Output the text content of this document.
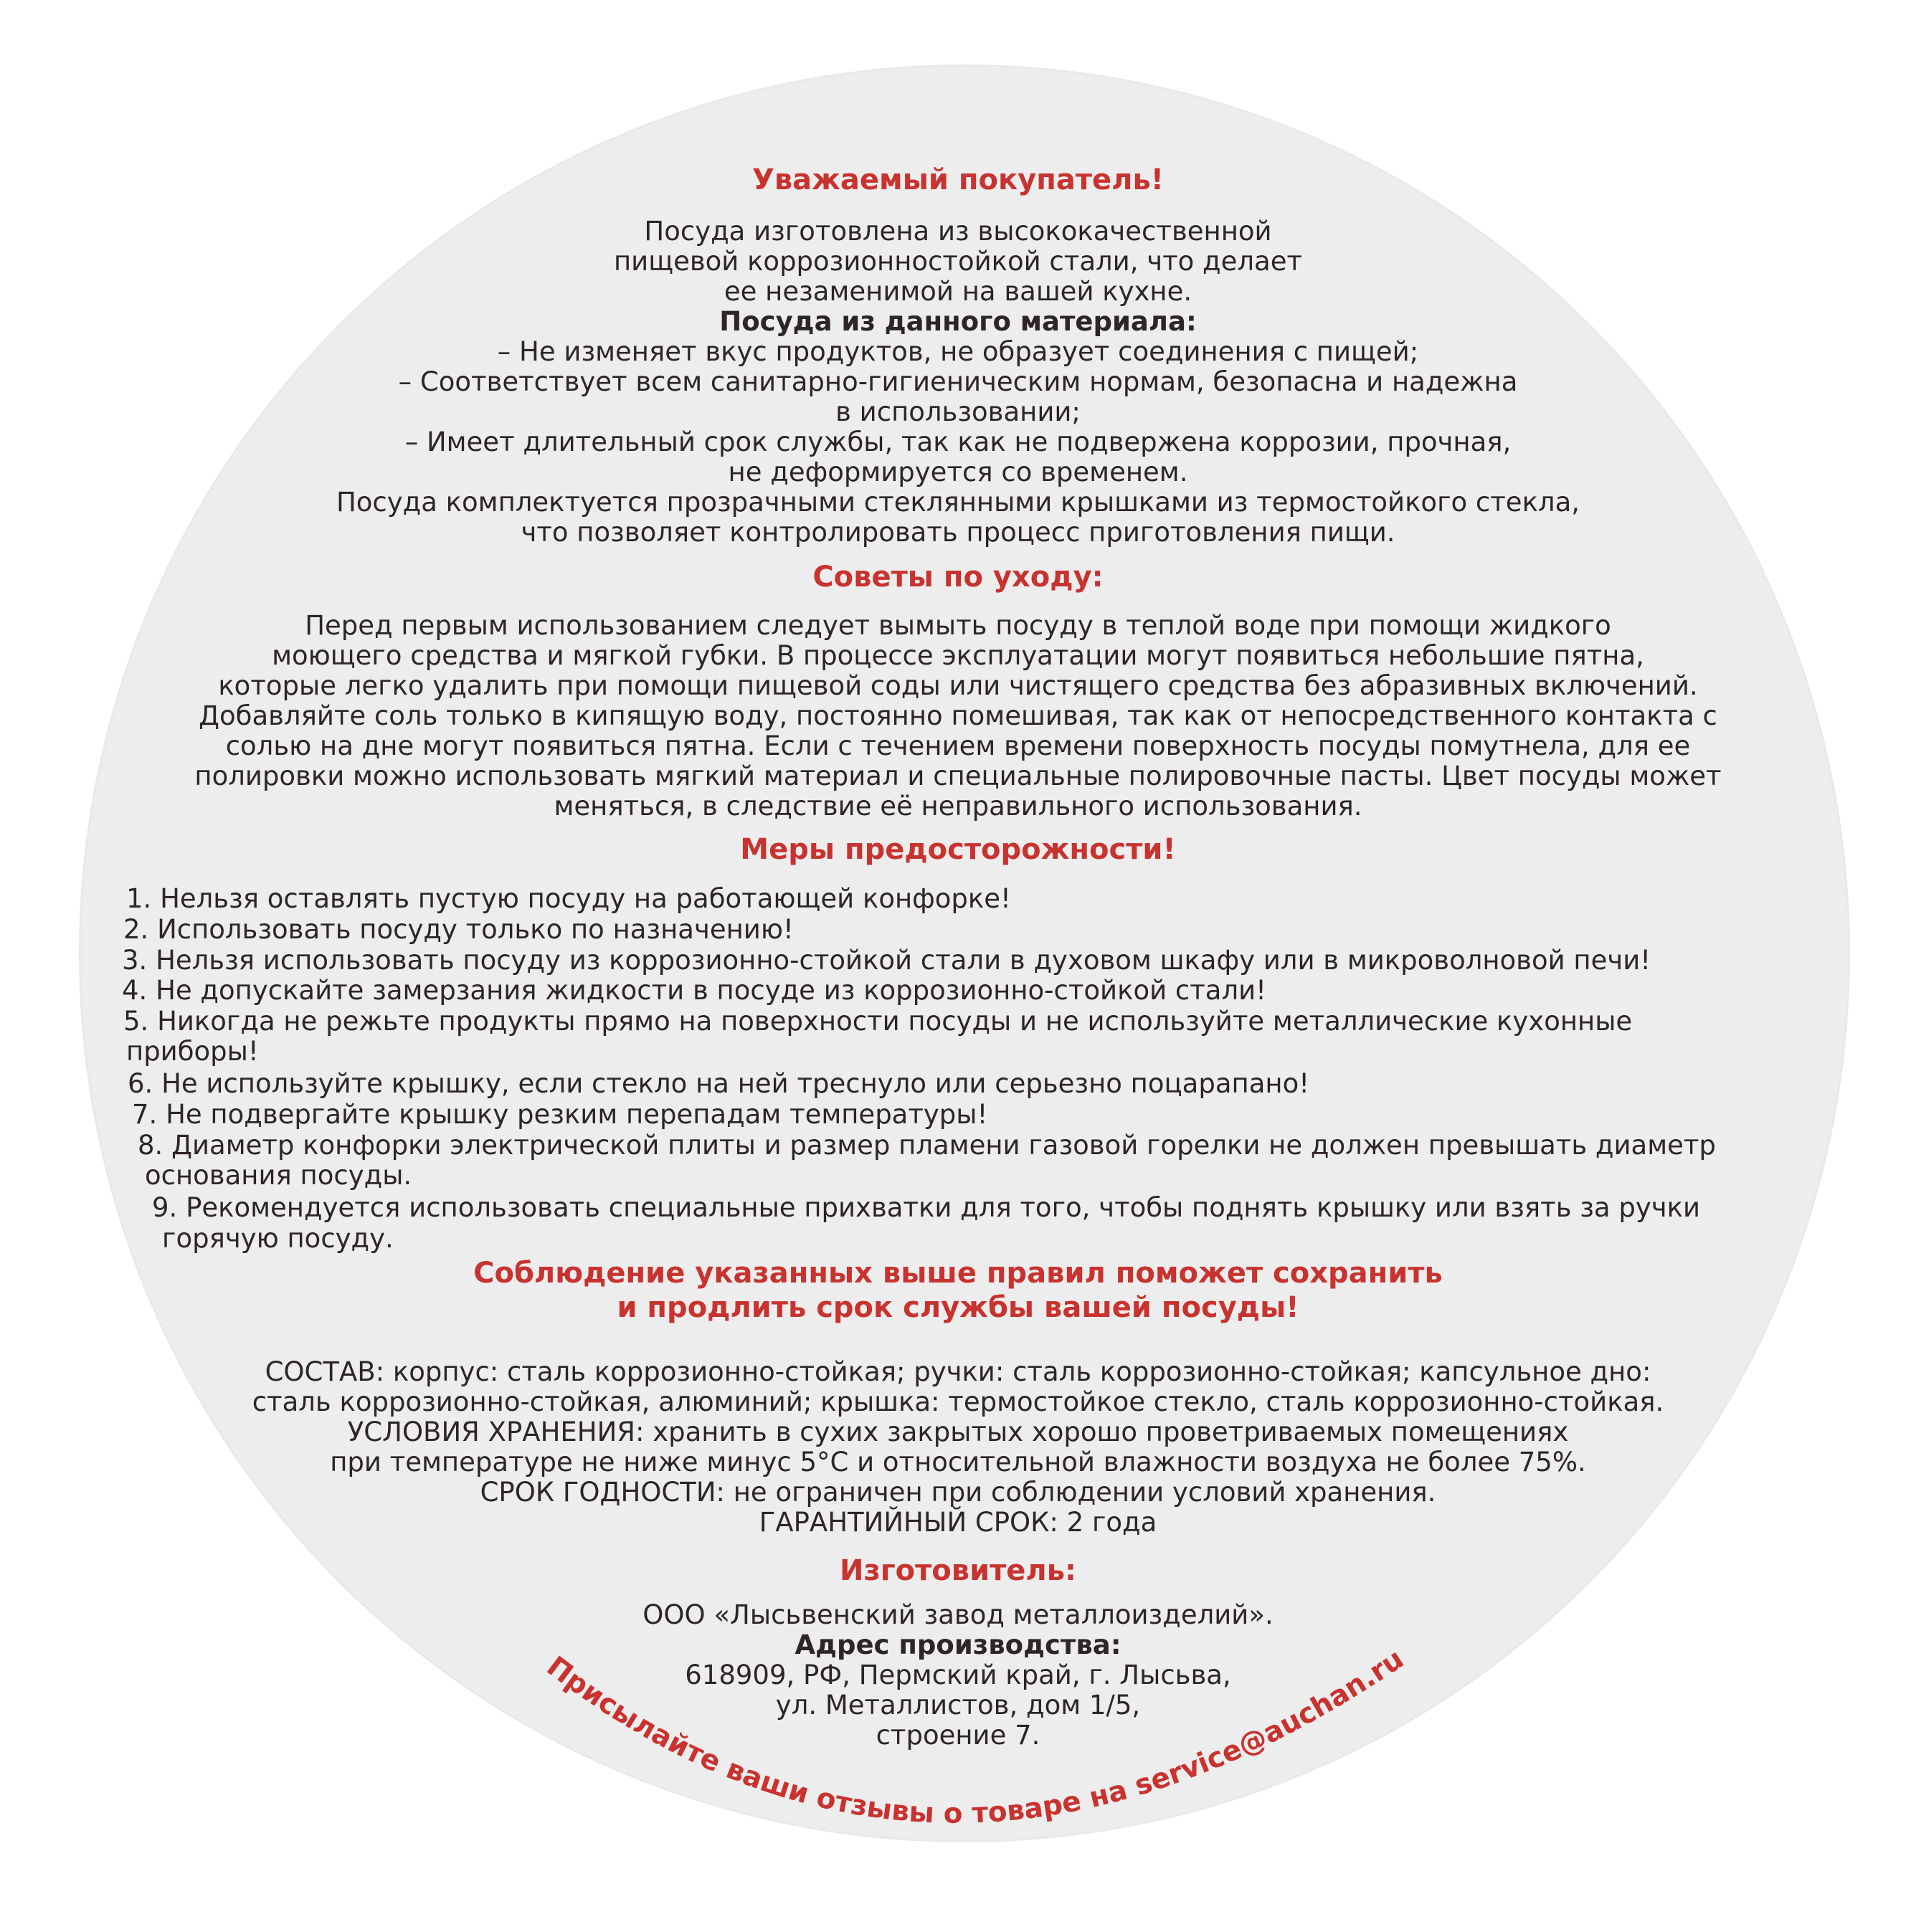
Уважаемый покупатель!
Посуда изготовлена из высококачественной
пищевой коррозионностойкой стали, что делает
ее незаменимой на вашей кухне.
Посуда из данного материала:
– Не изменяет вкус продуктов, не образует соединения с пищей;
– Соответствует всем санитарно-гигиеническим нормам, безопасна и надежна
в использовании;
– Имеет длительный срок службы, так как не подвержена коррозии, прочная,
не деформируется со временем.
Посуда комплектуется прозрачными стеклянными крышками из термостойкого стекла,
что позволяет контролировать процесс приготовления пищи.
Советы по уходу:
Перед первым использованием следует вымыть посуду в теплой воде при помощи жидкого
моющего средства и мягкой губки. В процессе эксплуатации могут появиться небольшие пятна,
которые легко удалить при помощи пищевой соды или чистящего средства без абразивных включений.
Добавляйте соль только в кипящую воду, постоянно помешивая, так как от непосредственного контакта с
солью на дне могут появиться пятна. Если с течением времени поверхность посуды помутнела, для ее
полировки можно использовать мягкий материал и специальные полировочные пасты. Цвет посуды может
меняться, в следствие её неправильного использования.
Меры предосторожности!
1. Нельзя оставлять пустую посуду на работающей конфорке!
2. Использовать посуду только по назначению!
3. Нельзя использовать посуду из коррозионно-стойкой стали в духовом шкафу или в микроволновой печи!
4. Не допускайте замерзания жидкости в посуде из коррозионно-стойкой стали!
5. Никогда не режьте продукты прямо на поверхности посуды и не используйте металлические кухонные
приборы!
6. Не используйте крышку, если стекло на ней треснуло или серьезно поцарапано!
7. Не подвергайте крышку резким перепадам температуры!
8. Диаметр конфорки электрической плиты и размер пламени газовой горелки не должен превышать диаметр
основания посуды.
9. Рекомендуется использовать специальные прихватки для того, чтобы поднять крышку или взять за ручки
горячую посуду.
Соблюдение указанных выше правил поможет сохранить
и продлить срок службы вашей посуды!
СОСТАВ: корпус: сталь коррозионно-стойкая; ручки: сталь коррозионно-стойкая; капсульное дно:
сталь коррозионно-стойкая, алюминий; крышка: термостойкое стекло, сталь коррозионно-стойкая.
УСЛОВИЯ ХРАНЕНИЯ: хранить в сухих закрытых хорошо проветриваемых помещениях
при температуре не ниже минус 5°С и относительной влажности воздуха не более 75%.
СРОК ГОДНОСТИ: не ограничен при соблюдении условий хранения.
ГАРАНТИЙНЫЙ СРОК: 2 года
Изготовитель:
ООО «Лысьвенский завод металлоизделий».
Адрес производства:
618909, РФ, Пермский край, г. Лысьва,
ул. Металлистов, дом 1/5,
строение 7.
Присылайте ваши отзывы о товаре на service@auchan.ru
